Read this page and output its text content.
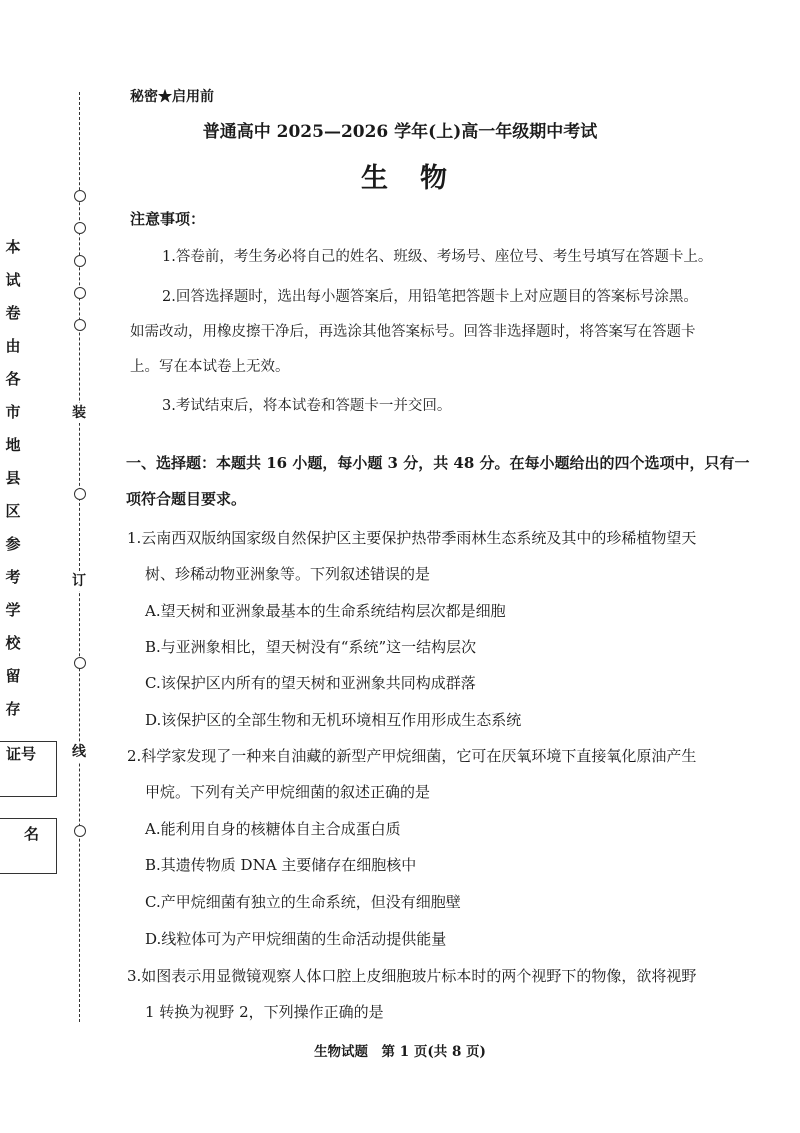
本
试
卷
由
各
市
地
县
区
参
考
学
校
留
存
装
订
线
证号
名
秘密★启用前
普通高中 2025—2026 学年(上)高一年级期中考试
生物
注意事项：
1.答卷前，考生务必将自己的姓名、班级、考场号、座位号、考生号填写在答题卡上。
2.回答选择题时，选出每小题答案后，用铅笔把答题卡上对应题目的答案标号涂黑。
如需改动，用橡皮擦干净后，再选涂其他答案标号。回答非选择题时，将答案写在答题卡
上。写在本试卷上无效。
3.考试结束后，将本试卷和答题卡一并交回。
一、选择题：本题共 16 小题，每小题 3 分，共 48 分。在每小题给出的四个选项中，只有一
项符合题目要求。
1.云南西双版纳国家级自然保护区主要保护热带季雨林生态系统及其中的珍稀植物望天
树、珍稀动物亚洲象等。下列叙述错误的是
A.望天树和亚洲象最基本的生命系统结构层次都是细胞
B.与亚洲象相比，望天树没有“系统”这一结构层次
C.该保护区内所有的望天树和亚洲象共同构成群落
D.该保护区的全部生物和无机环境相互作用形成生态系统
2.科学家发现了一种来自油藏的新型产甲烷细菌，它可在厌氧环境下直接氧化原油产生
甲烷。下列有关产甲烷细菌的叙述正确的是
A.能利用自身的核糖体自主合成蛋白质
B.其遗传物质 DNA 主要储存在细胞核中
C.产甲烷细菌有独立的生命系统，但没有细胞壁
D.线粒体可为产甲烷细菌的生命活动提供能量
3.如图表示用显微镜观察人体口腔上皮细胞玻片标本时的两个视野下的物像，欲将视野
1 转换为视野 2，下列操作正确的是
生物试题　第 1 页(共 8 页)
